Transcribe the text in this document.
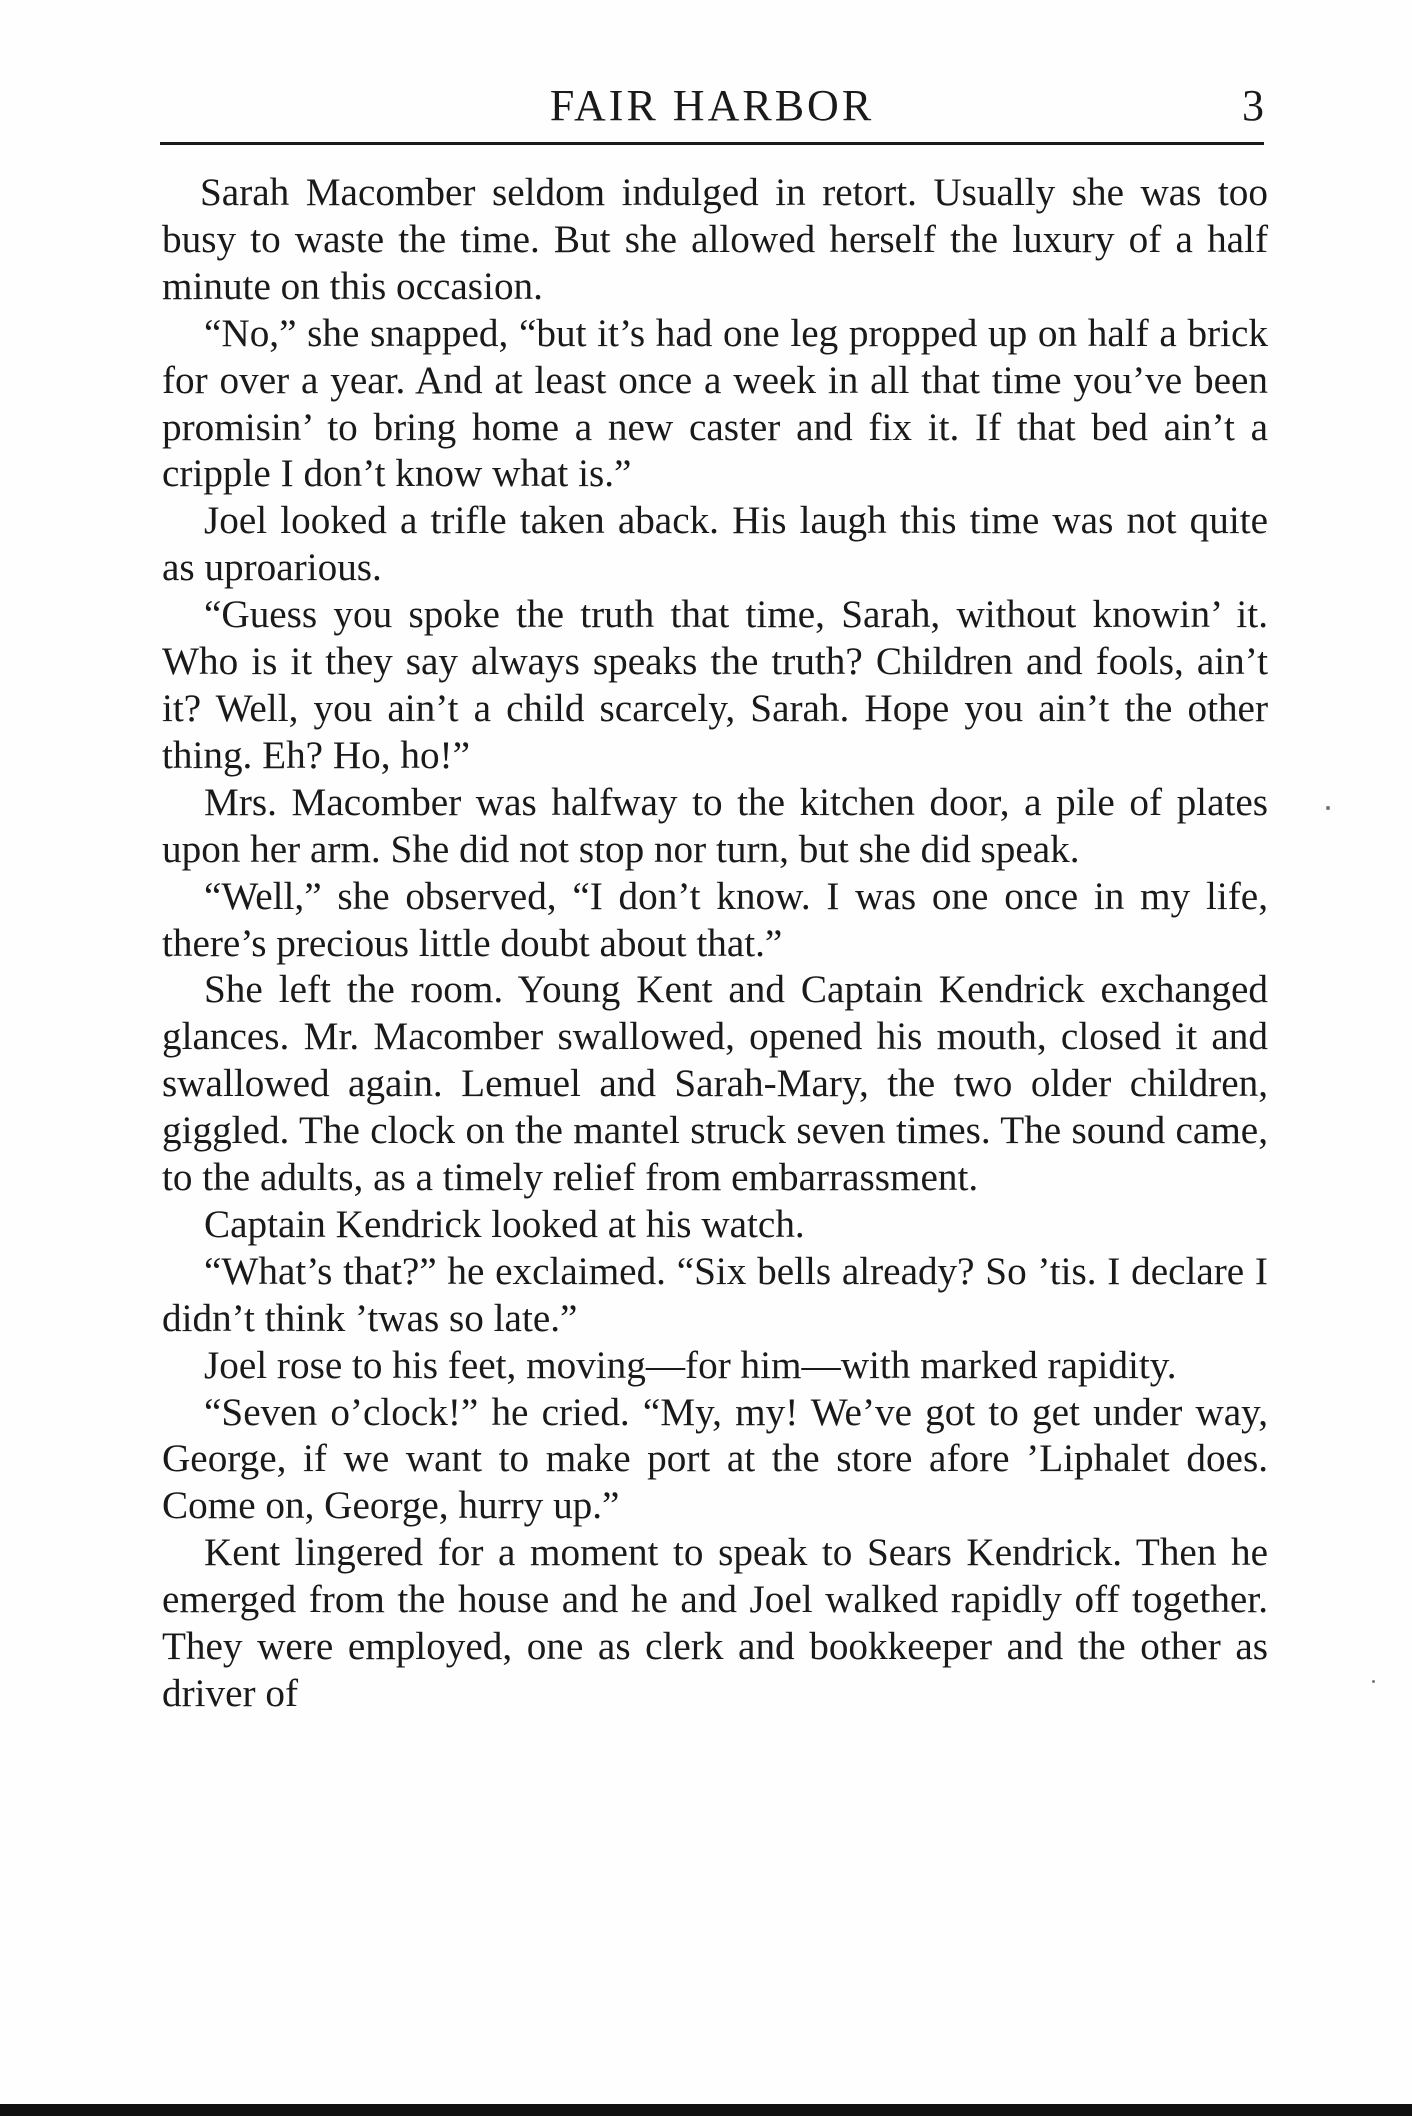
FAIR HARBOR	3

Sarah Macomber seldom indulged in retort. Usually she was too busy to waste the time. But she allowed herself the luxury of a half minute on this occasion.

“No,” she snapped, “but it’s had one leg propped up on half a brick for over a year. And at least once a week in all that time you’ve been promisin’ to bring home a new caster and fix it. If that bed ain’t a cripple I don’t know what is.”

Joel looked a trifle taken aback. His laugh this time was not quite as uproarious.

“Guess you spoke the truth that time, Sarah, without knowin’ it. Who is it they say always speaks the truth? Children and fools, ain’t it? Well, you ain’t a child scarcely, Sarah. Hope you ain’t the other thing. Eh? Ho, ho!”

Mrs. Macomber was halfway to the kitchen door, a pile of plates upon her arm. She did not stop nor turn, but she did speak.

“Well,” she observed, “I don’t know. I was one once in my life, there’s precious little doubt about that.”

She left the room. Young Kent and Captain Kendrick exchanged glances. Mr. Macomber swallowed, opened his mouth, closed it and swallowed again. Lemuel and Sarah-Mary, the two older children, giggled. The clock on the mantel struck seven times. The sound came, to the adults, as a timely relief from embarrassment.

Captain Kendrick looked at his watch.

“What’s that?” he exclaimed. “Six bells already? So ’tis. I declare I didn’t think ’twas so late.”

Joel rose to his feet, moving—for him—with marked rapidity.

“Seven o’clock!” he cried. “My, my! We’ve got to get under way, George, if we want to make port at the store afore ’Liphalet does. Come on, George, hurry up.”

Kent lingered for a moment to speak to Sears Kendrick. Then he emerged from the house and he and Joel walked rapidly off together. They were employed, one as clerk and bookkeeper and the other as driver of
